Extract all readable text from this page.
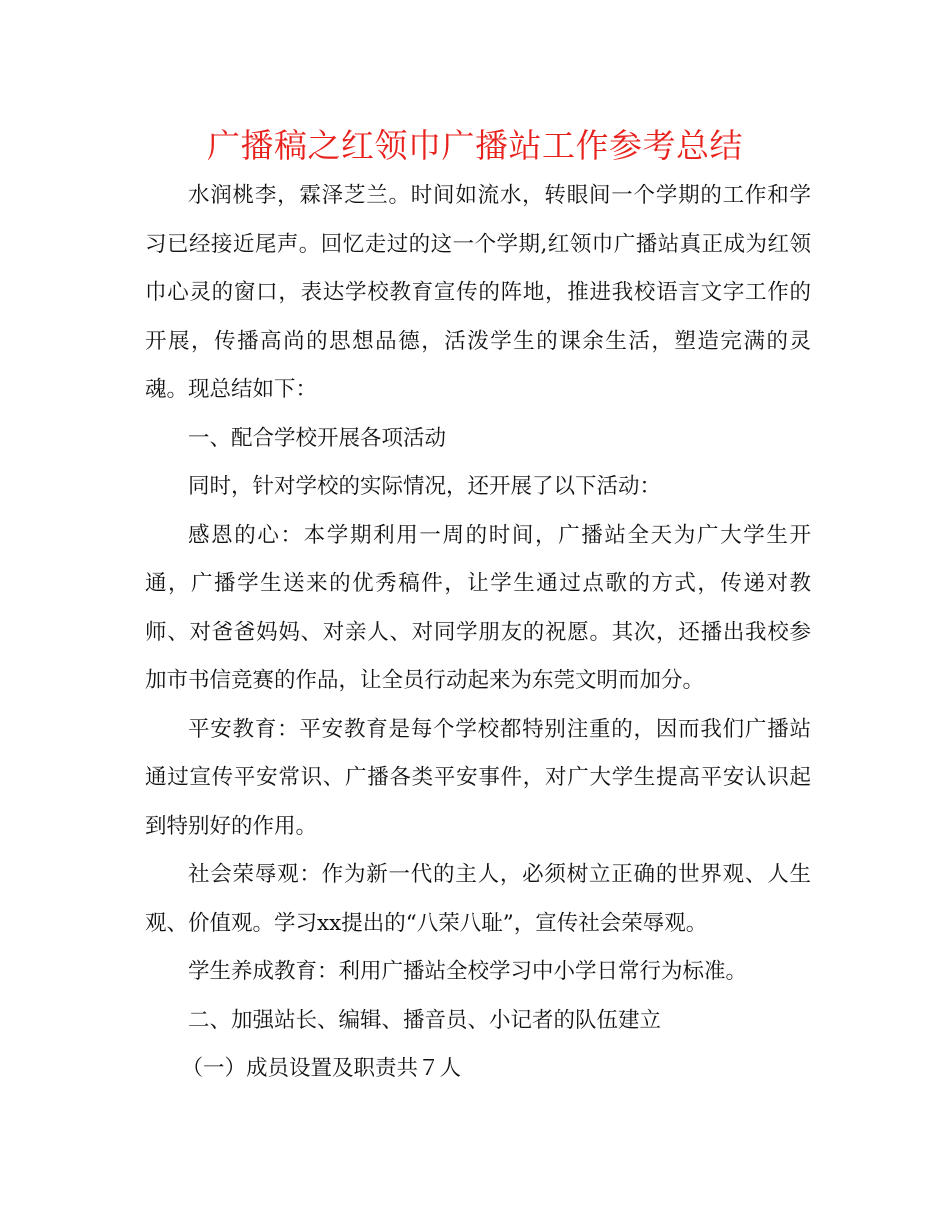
广播稿之红领巾广播站工作参考总结

水润桃李，霖泽芝兰。时间如流水，转眼间一个学期的工作和学习已经接近尾声。回忆走过的这一个学期,红领巾广播站真正成为红领巾心灵的窗口，表达学校教育宣传的阵地，推进我校语言文字工作的开展，传播高尚的思想品德，活泼学生的课余生活，塑造完满的灵魂。现总结如下：

一、配合学校开展各项活动

同时，针对学校的实际情况，还开展了以下活动：

感恩的心：本学期利用一周的时间，广播站全天为广大学生开通，广播学生送来的优秀稿件，让学生通过点歌的方式，传递对教师、对爸爸妈妈、对亲人、对同学朋友的祝愿。其次，还播出我校参加市书信竞赛的作品，让全员行动起来为东莞文明而加分。

平安教育：平安教育是每个学校都特别注重的，因而我们广播站通过宣传平安常识、广播各类平安事件，对广大学生提高平安认识起到特别好的作用。

社会荣辱观：作为新一代的主人，必须树立正确的世界观、人生观、价值观。学习xx提出的“八荣八耻”，宣传社会荣辱观。

学生养成教育：利用广播站全校学习中小学日常行为标准。

二、加强站长、编辑、播音员、小记者的队伍建立

（一）成员设置及职责共７人
